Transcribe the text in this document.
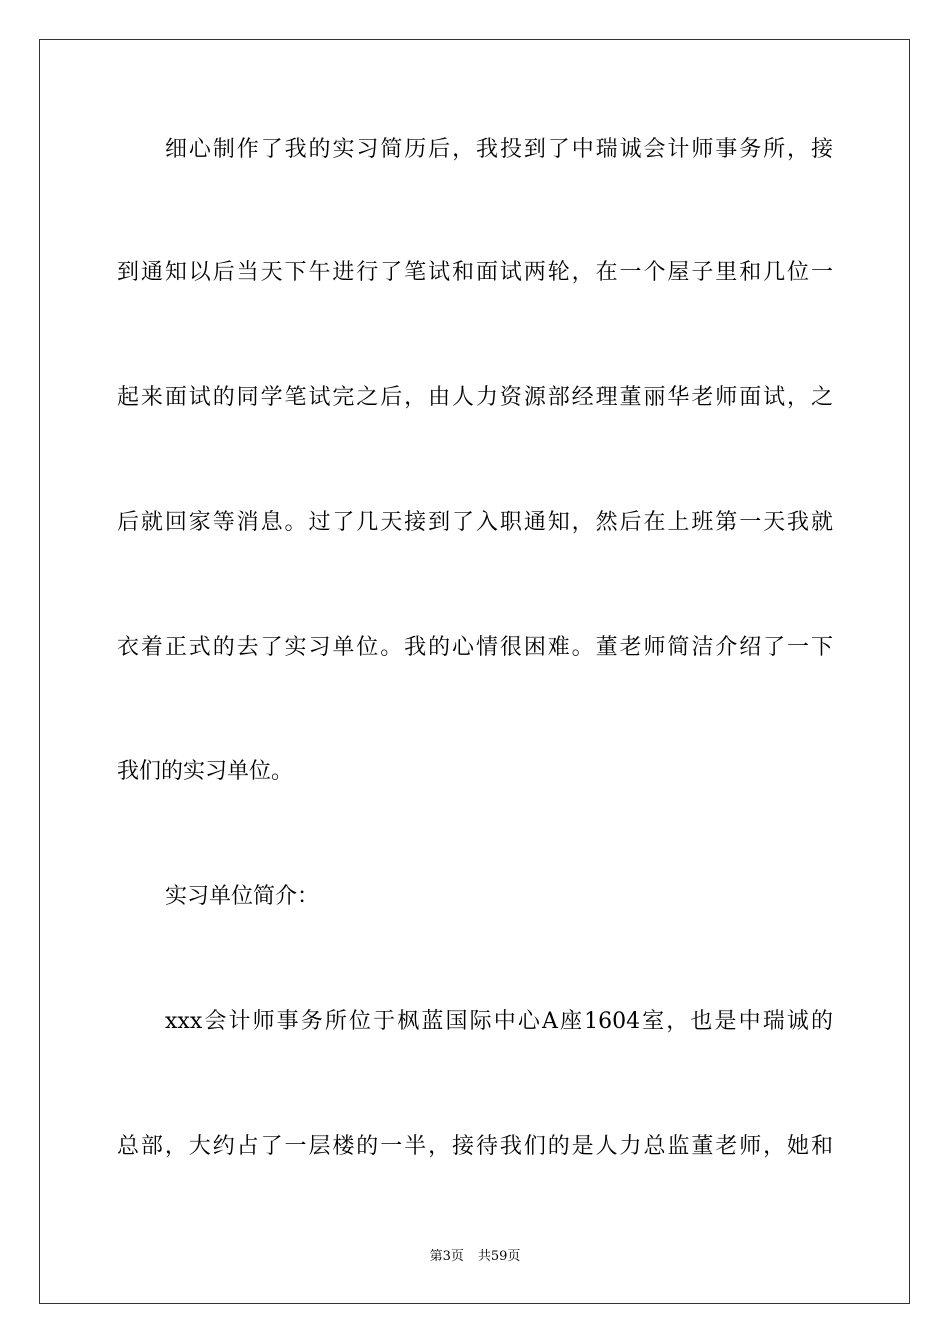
细心制作了我的实习简历后，我投到了中瑞诚会计师事务所，接
到通知以后当天下午进行了笔试和面试两轮，在一个屋子里和几位一
起来面试的同学笔试完之后，由人力资源部经理董丽华老师面试，之
后就回家等消息。过了几天接到了入职通知，然后在上班第一天我就
衣着正式的去了实习单位。我的心情很困难。董老师简洁介绍了一下
我们的实习单位。
实习单位简介：
xxx会计师事务所位于枫蓝国际中心A座1604室，也是中瑞诚的
总部，大约占了一层楼的一半，接待我们的是人力总监董老师，她和
第3页 共59页
